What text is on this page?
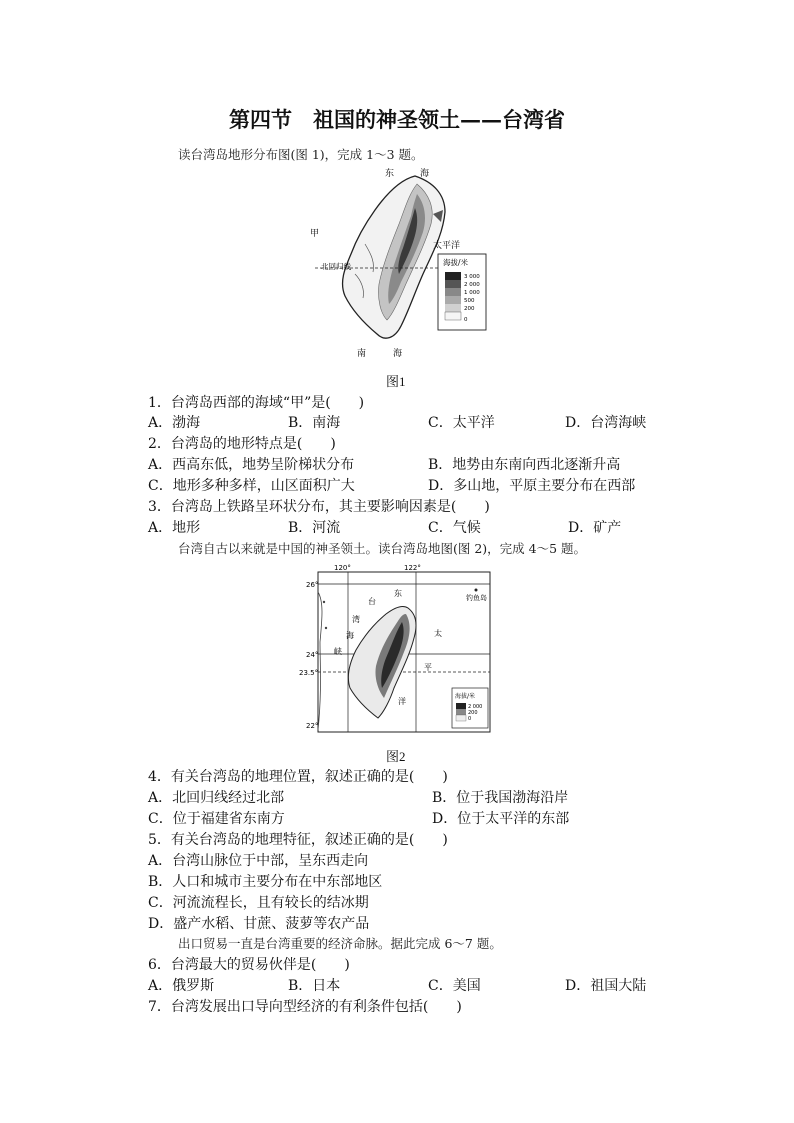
第四节　祖国的神圣领土——台湾省
读台湾岛地形分布图(图 1)，完成 1～3 题。
东	海
甲
太平洋
北回归线
南	海
海拔/米
3 000
2 000
1 000
500
200
0
图1
1．台湾岛西部的海域“甲”是(　　)
A．渤海	B．南海	C．太平洋	D．台湾海峡
2．台湾岛的地形特点是(　　)
A．西高东低，地势呈阶梯状分布	B．地势由东南向西北逐渐升高
C．地形多种多样，山区面积广大	D．多山地，平原主要分布在西部
3．台湾岛上铁路呈环状分布，其主要影响因素是(　　)
A．地形	B．河流	C．气候	D．矿产
台湾自古以来就是中国的神圣领土。读台湾岛地图(图 2)，完成 4～5 题。
120°	122°
26°
24°
23.5°
22°
钓鱼岛
台
湾
海
峡
东
太
平
洋
海拔/米
2 000
200
0
图2
4．有关台湾岛的地理位置，叙述正确的是(　　)
A．北回归线经过北部	B．位于我国渤海沿岸
C．位于福建省东南方	D．位于太平洋的东部
5．有关台湾岛的地理特征，叙述正确的是(　　)
A．台湾山脉位于中部，呈东西走向
B．人口和城市主要分布在中东部地区
C．河流流程长，且有较长的结冰期
D．盛产水稻、甘蔗、菠萝等农产品
出口贸易一直是台湾重要的经济命脉。据此完成 6～7 题。
6．台湾最大的贸易伙伴是(　　)
A．俄罗斯	B．日本	C．美国	D．祖国大陆
7．台湾发展出口导向型经济的有利条件包括(　　)
